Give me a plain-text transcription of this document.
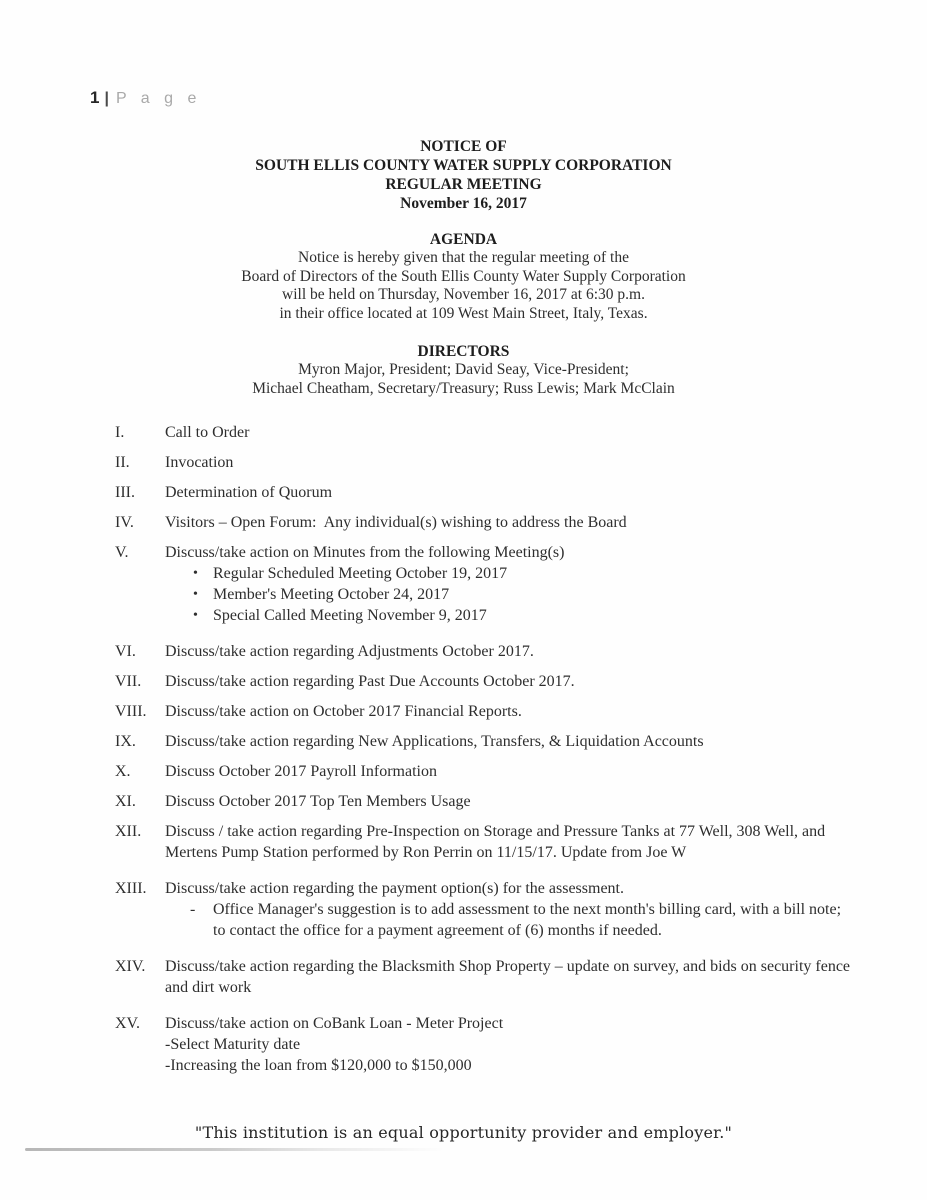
1 | P a g e
NOTICE OF
SOUTH ELLIS COUNTY WATER SUPPLY CORPORATION
REGULAR MEETING
November 16, 2017
AGENDA
Notice is hereby given that the regular meeting of the
Board of Directors of the South Ellis County Water Supply Corporation
will be held on Thursday, November 16, 2017 at 6:30 p.m.
in their office located at 109 West Main Street, Italy, Texas.
DIRECTORS
Myron Major, President; David Seay, Vice-President;
Michael Cheatham, Secretary/Treasury; Russ Lewis; Mark McClain
I.	Call to Order
II.	Invocation
III.	Determination of Quorum
IV.	Visitors – Open Forum:  Any individual(s) wishing to address the Board
V.	Discuss/take action on Minutes from the following Meeting(s)
• Regular Scheduled Meeting October 19, 2017
• Member's Meeting October 24, 2017
• Special Called Meeting November 9, 2017
VI.	Discuss/take action regarding Adjustments October 2017.
VII.	Discuss/take action regarding Past Due Accounts October 2017.
VIII.	Discuss/take action on October 2017 Financial Reports.
IX.	Discuss/take action regarding New Applications, Transfers, & Liquidation Accounts
X.	Discuss October 2017 Payroll Information
XI.	Discuss October 2017 Top Ten Members Usage
XII.	Discuss / take action regarding Pre-Inspection on Storage and Pressure Tanks at 77 Well, 308 Well, and Mertens Pump Station performed by Ron Perrin on 11/15/17. Update from Joe W
XIII.	Discuss/take action regarding the payment option(s) for the assessment.
-	Office Manager's suggestion is to add assessment to the next month's billing card, with a bill note; to contact the office for a payment agreement of (6) months if needed.
XIV.	Discuss/take action regarding the Blacksmith Shop Property – update on survey, and bids on security fence and dirt work
XV.	Discuss/take action on CoBank Loan - Meter Project
-Select Maturity date
-Increasing the loan from $120,000 to $150,000
"This institution is an equal opportunity provider and employer."
